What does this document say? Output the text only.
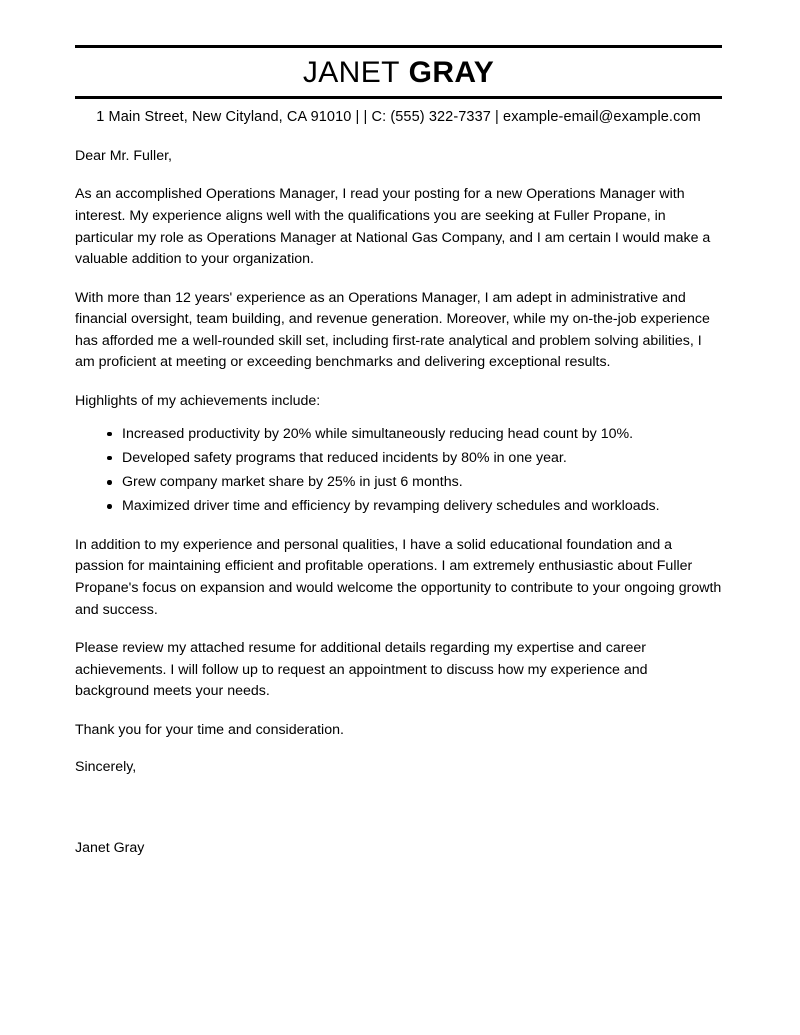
JANET GRAY
1 Main Street, New Cityland, CA 91010 | | C: (555) 322-7337 | example-email@example.com

Dear Mr. Fuller,

As an accomplished Operations Manager, I read your posting for a new Operations Manager with interest. My experience aligns well with the qualifications you are seeking at Fuller Propane, in particular my role as Operations Manager at National Gas Company, and I am certain I would make a valuable addition to your organization.

With more than 12 years' experience as an Operations Manager, I am adept in administrative and financial oversight, team building, and revenue generation. Moreover, while my on-the-job experience has afforded me a well-rounded skill set, including first-rate analytical and problem solving abilities, I am proficient at meeting or exceeding benchmarks and delivering exceptional results.

Highlights of my achievements include:

Increased productivity by 20% while simultaneously reducing head count by 10%.
Developed safety programs that reduced incidents by 80% in one year.
Grew company market share by 25% in just 6 months.
Maximized driver time and efficiency by revamping delivery schedules and workloads.

In addition to my experience and personal qualities, I have a solid educational foundation and a passion for maintaining efficient and profitable operations. I am extremely enthusiastic about Fuller Propane's focus on expansion and would welcome the opportunity to contribute to your ongoing growth and success.

Please review my attached resume for additional details regarding my expertise and career achievements. I will follow up to request an appointment to discuss how my experience and background meets your needs.

Thank you for your time and consideration.

Sincerely,

Janet Gray
